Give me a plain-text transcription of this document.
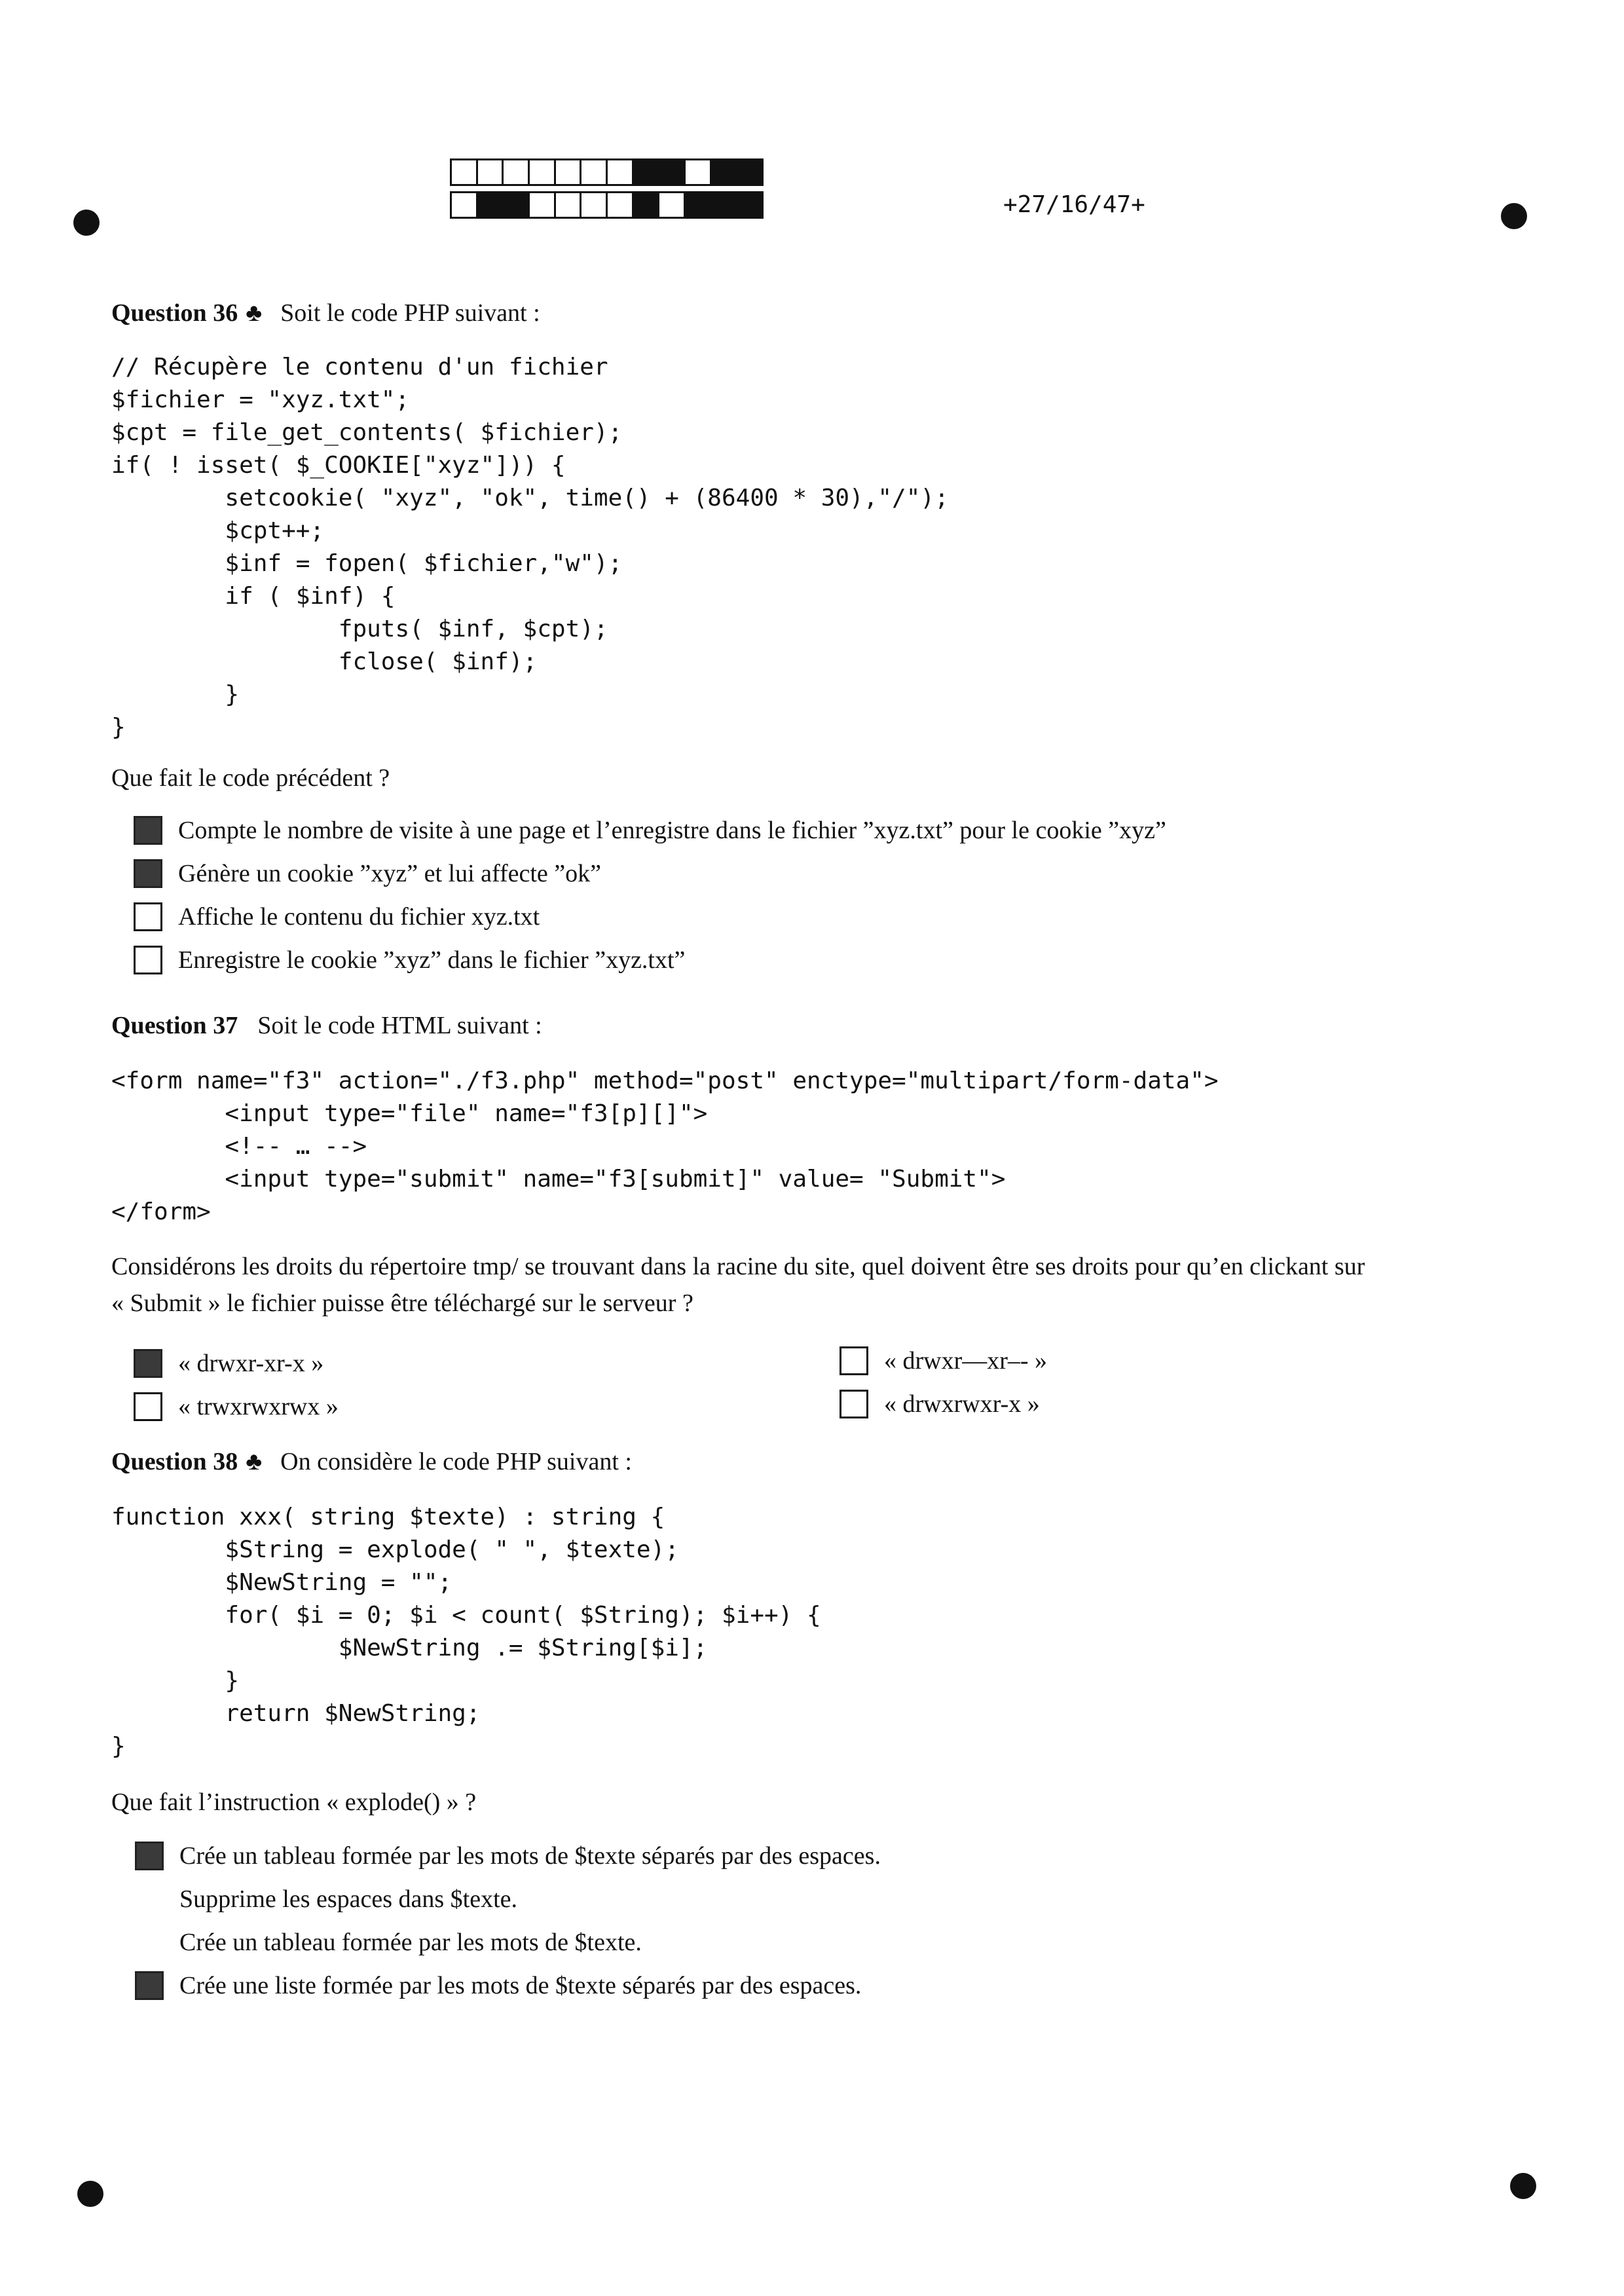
+27/16/47+
Question 36 ♣ Soit le code PHP suivant :
// Récupère le contenu d'un fichier
$fichier = "xyz.txt";
$cpt = file_get_contents( $fichier);
if( ! isset( $_COOKIE["xyz"])) {
setcookie( "xyz", "ok", time() + (86400 * 30),"/");
$cpt++;
$inf = fopen( $fichier,"w");
if ( $inf) {
fputs( $inf, $cpt);
fclose( $inf);
}
}
Que fait le code précédent ?
Compte le nombre de visite à une page et l’enregistre dans le fichier ”xyz.txt” pour le cookie ”xyz”
Génère un cookie ”xyz” et lui affecte ”ok”
Affiche le contenu du fichier xyz.txt
Enregistre le cookie ”xyz” dans le fichier ”xyz.txt”
Question 37 Soit le code HTML suivant :
<form name="f3" action="./f3.php" method="post" enctype="multipart/form-data">
<input type="file" name="f3[p][]">
<!-- … -->
<input type="submit" name="f3[submit]" value= "Submit">
</form>
Considérons les droits du répertoire tmp/ se trouvant dans la racine du site, quel doivent être ses droits pour qu’en clickant sur
« Submit » le fichier puisse être téléchargé sur le serveur ?
« drwxr-xr-x »	« drwxr—xr–- »
« trwxrwxrwx »	« drwxrwxr-x »
Question 38 ♣ On considère le code PHP suivant :
function xxx( string $texte) : string {
$String = explode( " ", $texte);
$NewString = "";
for( $i = 0; $i < count( $String); $i++) {
$NewString .= $String[$i];
}
return $NewString;
}
Que fait l’instruction « explode() » ?
Crée un tableau formée par les mots de $texte séparés par des espaces.
Supprime les espaces dans $texte.
Crée un tableau formée par les mots de $texte.
Crée une liste formée par les mots de $texte séparés par des espaces.
